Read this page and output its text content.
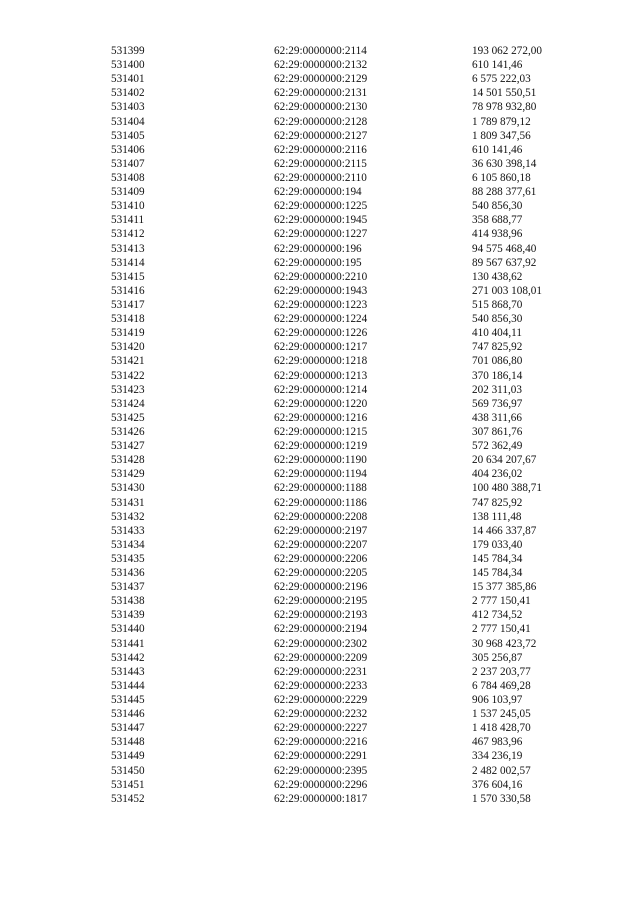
531399	62:29:0000000:2114	193 062 272,00
531400	62:29:0000000:2132	610 141,46
531401	62:29:0000000:2129	6 575 222,03
531402	62:29:0000000:2131	14 501 550,51
531403	62:29:0000000:2130	78 978 932,80
531404	62:29:0000000:2128	1 789 879,12
531405	62:29:0000000:2127	1 809 347,56
531406	62:29:0000000:2116	610 141,46
531407	62:29:0000000:2115	36 630 398,14
531408	62:29:0000000:2110	6 105 860,18
531409	62:29:0000000:194	88 288 377,61
531410	62:29:0000000:1225	540 856,30
531411	62:29:0000000:1945	358 688,77
531412	62:29:0000000:1227	414 938,96
531413	62:29:0000000:196	94 575 468,40
531414	62:29:0000000:195	89 567 637,92
531415	62:29:0000000:2210	130 438,62
531416	62:29:0000000:1943	271 003 108,01
531417	62:29:0000000:1223	515 868,70
531418	62:29:0000000:1224	540 856,30
531419	62:29:0000000:1226	410 404,11
531420	62:29:0000000:1217	747 825,92
531421	62:29:0000000:1218	701 086,80
531422	62:29:0000000:1213	370 186,14
531423	62:29:0000000:1214	202 311,03
531424	62:29:0000000:1220	569 736,97
531425	62:29:0000000:1216	438 311,66
531426	62:29:0000000:1215	307 861,76
531427	62:29:0000000:1219	572 362,49
531428	62:29:0000000:1190	20 634 207,67
531429	62:29:0000000:1194	404 236,02
531430	62:29:0000000:1188	100 480 388,71
531431	62:29:0000000:1186	747 825,92
531432	62:29:0000000:2208	138 111,48
531433	62:29:0000000:2197	14 466 337,87
531434	62:29:0000000:2207	179 033,40
531435	62:29:0000000:2206	145 784,34
531436	62:29:0000000:2205	145 784,34
531437	62:29:0000000:2196	15 377 385,86
531438	62:29:0000000:2195	2 777 150,41
531439	62:29:0000000:2193	412 734,52
531440	62:29:0000000:2194	2 777 150,41
531441	62:29:0000000:2302	30 968 423,72
531442	62:29:0000000:2209	305 256,87
531443	62:29:0000000:2231	2 237 203,77
531444	62:29:0000000:2233	6 784 469,28
531445	62:29:0000000:2229	906 103,97
531446	62:29:0000000:2232	1 537 245,05
531447	62:29:0000000:2227	1 418 428,70
531448	62:29:0000000:2216	467 983,96
531449	62:29:0000000:2291	334 236,19
531450	62:29:0000000:2395	2 482 002,57
531451	62:29:0000000:2296	376 604,16
531452	62:29:0000000:1817	1 570 330,58
